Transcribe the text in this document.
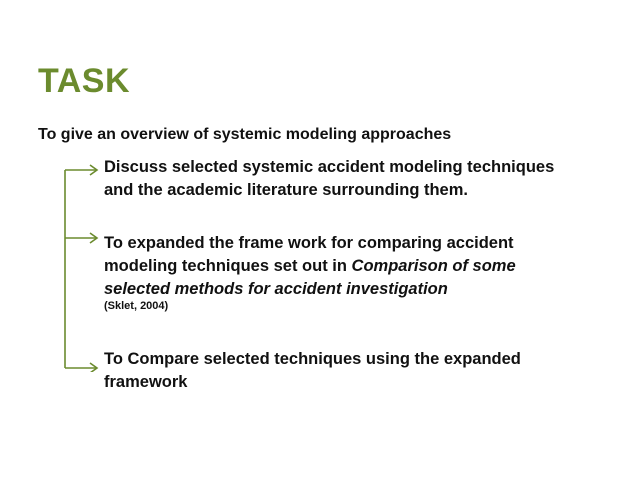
TASK

To give an overview of systemic modeling approaches

Discuss selected systemic accident modeling techniques and the academic literature surrounding them.
To expanded the frame work for comparing accident modeling techniques set out in Comparison of some selected methods for accident investigation
(Sklet, 2004)
To Compare selected techniques using the expanded framework
